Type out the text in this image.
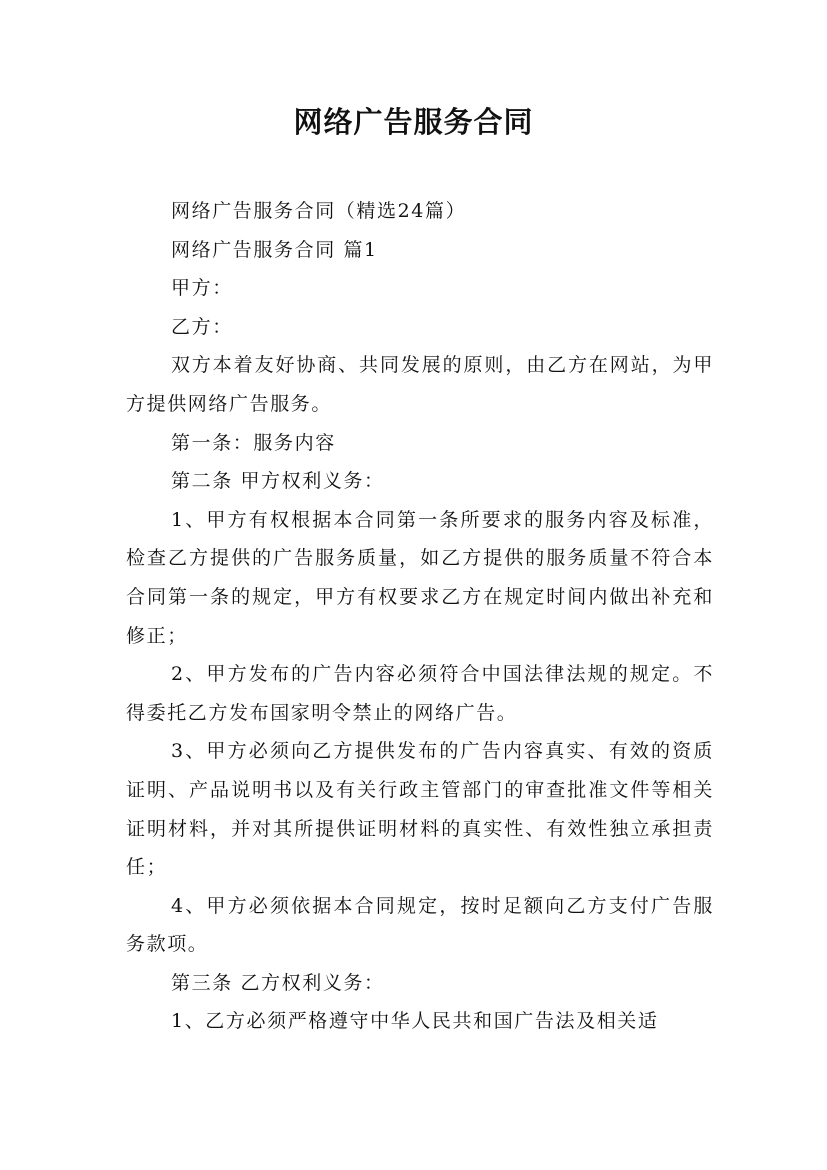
网络广告服务合同

网络广告服务合同（精选24篇）

网络广告服务合同 篇1

甲方：

乙方：

双方本着友好协商、共同发展的原则，由乙方在网站，为甲方提供网络广告服务。

第一条：服务内容

第二条 甲方权利义务：

1、甲方有权根据本合同第一条所要求的服务内容及标准，检查乙方提供的广告服务质量，如乙方提供的服务质量不符合本合同第一条的规定，甲方有权要求乙方在规定时间内做出补充和修正；

2、甲方发布的广告内容必须符合中国法律法规的规定。不得委托乙方发布国家明令禁止的网络广告。

3、甲方必须向乙方提供发布的广告内容真实、有效的资质证明、产品说明书以及有关行政主管部门的审查批准文件等相关证明材料，并对其所提供证明材料的真实性、有效性独立承担责任；

4、甲方必须依据本合同规定，按时足额向乙方支付广告服务款项。

第三条 乙方权利义务：

1、乙方必须严格遵守中华人民共和国广告法及相关适
